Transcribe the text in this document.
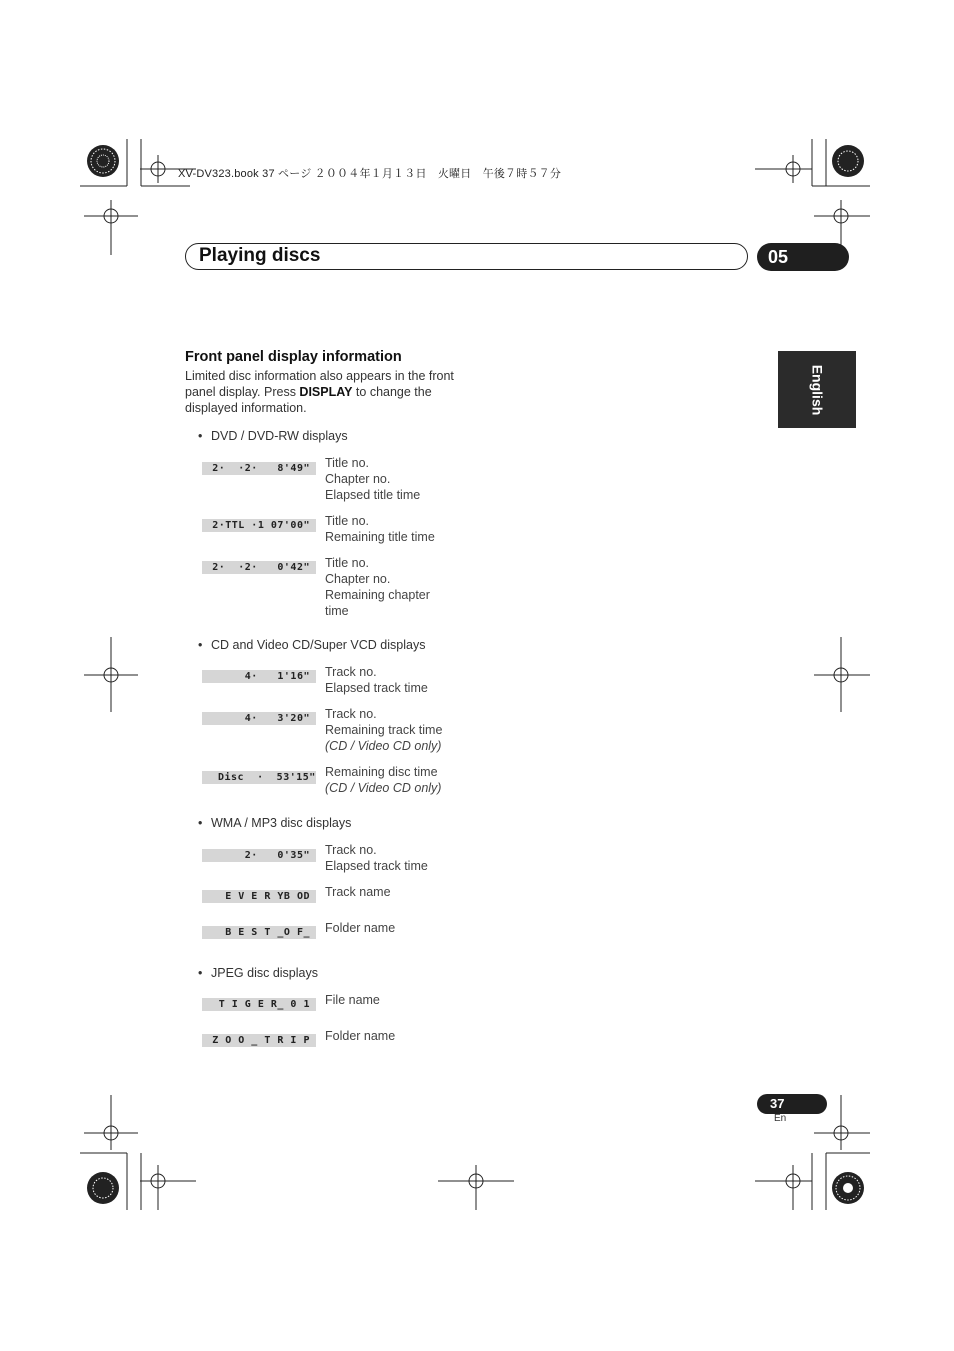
XV-DV323.book 37 ページ ２００４年１月１３日　火曜日　午後７時５７分
Playing discs	05
English
Front panel display information
Limited disc information also appears in the front panel display. Press DISPLAY to change the displayed information.
• DVD / DVD-RW displays
2·  ·2·   8'49"	Title no.
Chapter no.
Elapsed title time
2·TTL ·1 07'00"	Title no.
Remaining title time
2·  ·2·   0'42"	Title no.
Chapter no.
Remaining chapter
time
• CD and Video CD/Super VCD displays
4·   1'16"	Track no.
Elapsed track time
4·   3'20"	Track no.
Remaining track time
(CD / Video CD only)
Disc  ·  53'15" Remaining disc time
(CD / Video CD only)
• WMA / MP3 disc displays
2·   0'35"	Track no.
Elapsed track time
E V E R YB OD	Track name
B E S T _O F_	Folder name
• JPEG disc displays
T I G E R_ 0 1	File name
Z O O _ T R I P	Folder name
37
En
